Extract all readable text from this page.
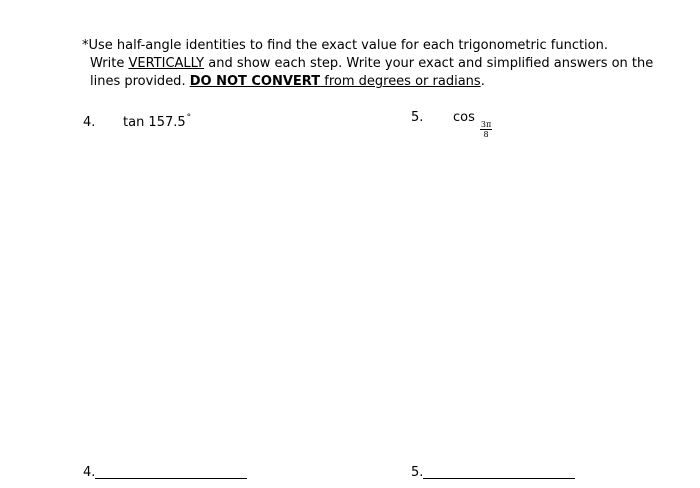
*Use half-angle identities to find the exact value for each trigonometric function.
Write VERTICALLY and show each step. Write your exact and simplified answers on the
lines provided. DO NOT CONVERT from degrees or radians.
4. tan 157.5°	5. cos
$\frac{3\pi}{8}$
4.	5.
